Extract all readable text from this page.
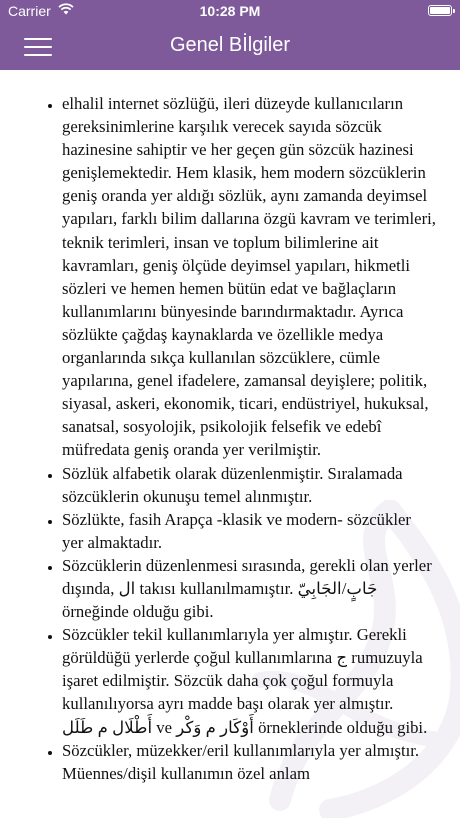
Carrier	10:28 PM
Genel Bİlgiler
• elhalil internet sözlüğü, ileri düzeyde kullanıcıların gereksinimlerine karşılık verecek sayıda sözcük hazinesine sahiptir ve her geçen gün sözcük hazinesi genişlemektedir. Hem klasik, hem modern sözcüklerin geniş oranda yer aldığı sözlük, aynı zamanda deyimsel yapıları, farklı bilim dallarına özgü kavram ve terimleri, teknik terimleri, insan ve toplum bilimlerine ait kavramları, geniş ölçüde deyimsel yapıları, hikmetli sözleri ve hemen hemen bütün edat ve bağlaçların kullanımlarını bünyesinde barındırmaktadır. Ayrıca sözlükte çağdaş kaynaklarda ve özellikle medya organlarında sıkça kullanılan sözcüklere, cümle yapılarına, genel ifadelere, zamansal deyişlere; politik, siyasal, askeri, ekonomik, ticari, endüstriyel, hukuksal, sanatsal, sosyolojik, psikolojik felsefik ve edebî müfredata geniş oranda yer verilmiştir.
• Sözlük alfabetik olarak düzenlenmiştir. Sıralamada sözcüklerin okunuşu temel alınmıştır.
• Sözlükte, fasih Arapça -klasik ve modern- sözcükler yer almaktadır.
• Sözcüklerin düzenlenmesi sırasında, gerekli olan yerler dışında, ال takısı kullanılmamıştır. جَابٍ/الجَابِيّ örneğinde olduğu gibi.
• Sözcükler tekil kullanımlarıyla yer almıştır. Gerekli görüldüğü yerlerde çoğul kullanımlarına ج rumuzuyla işaret edilmiştir. Sözcük daha çok çoğul formuyla kullanılıyorsa ayrı madde başı olarak yer almıştır. أَطْلَال م طَلَل ve أَوْكَار م وَكْر örneklerinde olduğu gibi.
• Sözcükler, müzekker/eril kullanımlarıyla yer almıştır. Müennes/dişil kullanımın özel anlam
